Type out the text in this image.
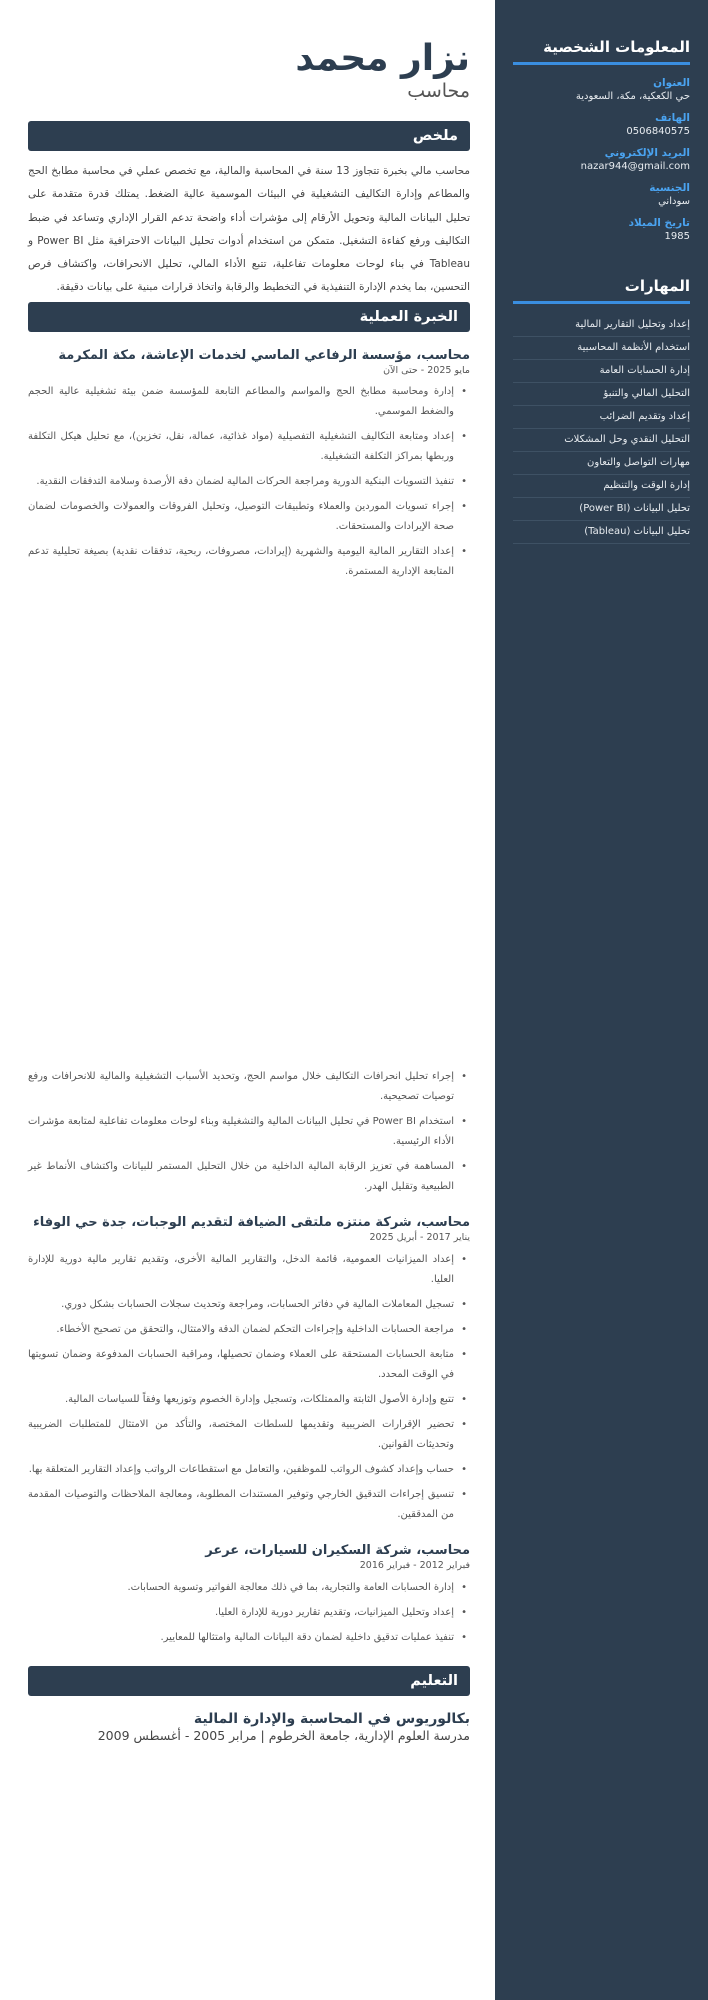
المعلومات الشخصية
العنوان
حي الكعكية، مكة، السعودية
الهاتف
0506840575
البريد الإلكتروني
nazar944@gmail.com
الجنسية
سوداني
تاريخ الميلاد
1985
المهارات
إعداد وتحليل التقارير المالية
استخدام الأنظمة المحاسبية
إدارة الحسابات العامة
التحليل المالي والتنبؤ
إعداد وتقديم الضرائب
التحليل النقدي وحل المشكلات
مهارات التواصل والتعاون
إدارة الوقت والتنظيم
تحليل البيانات (Power BI)
تحليل البيانات (Tableau)
نزار محمد
محاسب
ملخص

محاسب مالي بخبرة تتجاوز 13 سنة في المحاسبة والمالية، مع تخصص عملي في محاسبة مطابخ الحج والمطاعم وإدارة التكاليف التشغيلية في البيئات الموسمية عالية الضغط. يمتلك قدرة متقدمة على تحليل البيانات المالية وتحويل الأرقام إلى مؤشرات أداء واضحة تدعم القرار الإداري وتساعد في ضبط التكاليف ورفع كفاءة التشغيل. متمكن من استخدام أدوات تحليل البيانات الاحترافية مثل Power BI و Tableau في بناء لوحات معلومات تفاعلية، تتبع الأداء المالي، تحليل الانحرافات، واكتشاف فرص التحسين، بما يخدم الإدارة التنفيذية في التخطيط والرقابة واتخاذ قرارات مبنية على بيانات دقيقة.

الخبرة العملية
محاسب، مؤسسة الرفاعي الماسي لخدمات الإعاشة، مكة المكرمة
مايو 2025 - حتى الآن
• إدارة ومحاسبة مطابخ الحج والمواسم والمطاعم التابعة للمؤسسة ضمن بيئة تشغيلية عالية الحجم والضغط الموسمي.
• إعداد ومتابعة التكاليف التشغيلية التفصيلية (مواد غذائية، عمالة، نقل، تخزين)، مع تحليل هيكل التكلفة وربطها بمراكز التكلفة التشغيلية.
• تنفيذ التسويات البنكية الدورية ومراجعة الحركات المالية لضمان دقة الأرصدة وسلامة التدفقات النقدية.
• إجراء تسويات الموردين والعملاء وتطبيقات التوصيل، وتحليل الفروقات والعمولات والخصومات لضمان صحة الإيرادات والمستحقات.
• إعداد التقارير المالية اليومية والشهرية (إيرادات، مصروفات، ربحية، تدفقات نقدية) بصيغة تحليلية تدعم المتابعة الإدارية المستمرة.
• إجراء تحليل انحرافات التكاليف خلال مواسم الحج، وتحديد الأسباب التشغيلية والمالية للانحرافات ورفع توصيات تصحيحية.
• استخدام Power BI في تحليل البيانات المالية والتشغيلية وبناء لوحات معلومات تفاعلية لمتابعة مؤشرات الأداء الرئيسية.
• المساهمة في تعزيز الرقابة المالية الداخلية من خلال التحليل المستمر للبيانات واكتشاف الأنماط غير الطبيعية وتقليل الهدر.
محاسب، شركة منتزه ملتقى الضيافة لتقديم الوجبات، جدة حي الوفاء
يناير 2017 - أبريل 2025
• إعداد الميزانيات العمومية، قائمة الدخل، والتقارير المالية الأخرى، وتقديم تقارير مالية دورية للإدارة العليا.
• تسجيل المعاملات المالية في دفاتر الحسابات، ومراجعة وتحديث سجلات الحسابات بشكل دوري.
• مراجعة الحسابات الداخلية وإجراءات التحكم لضمان الدقة والامتثال، والتحقق من تصحيح الأخطاء.
• متابعة الحسابات المستحقة على العملاء وضمان تحصيلها، ومراقبة الحسابات المدفوعة وضمان تسويتها في الوقت المحدد.
• تتبع وإدارة الأصول الثابتة والممتلكات، وتسجيل وإدارة الخصوم وتوزيعها وفقاً للسياسات المالية.
• تحضير الإقرارات الضريبية وتقديمها للسلطات المختصة، والتأكد من الامتثال للمتطلبات الضريبية وتحديثات القوانين.
• حساب وإعداد كشوف الرواتب للموظفين، والتعامل مع استقطاعات الرواتب وإعداد التقارير المتعلقة بها.
• تنسيق إجراءات التدقيق الخارجي وتوفير المستندات المطلوبة، ومعالجة الملاحظات والتوصيات المقدمة من المدققين.
محاسب، شركة السكيران للسيارات، عرعر
فبراير 2012 - فبراير 2016
• إدارة الحسابات العامة والتجارية، بما في ذلك معالجة الفواتير وتسوية الحسابات.
• إعداد وتحليل الميزانيات، وتقديم تقارير دورية للإدارة العليا.
• تنفيذ عمليات تدقيق داخلية لضمان دقة البيانات المالية وامتثالها للمعايير.
التعليم
بكالوريوس في المحاسبة والإدارة المالية
مدرسة العلوم الإدارية، جامعة الخرطوم | مرابر 2005 - أغسطس 2009
